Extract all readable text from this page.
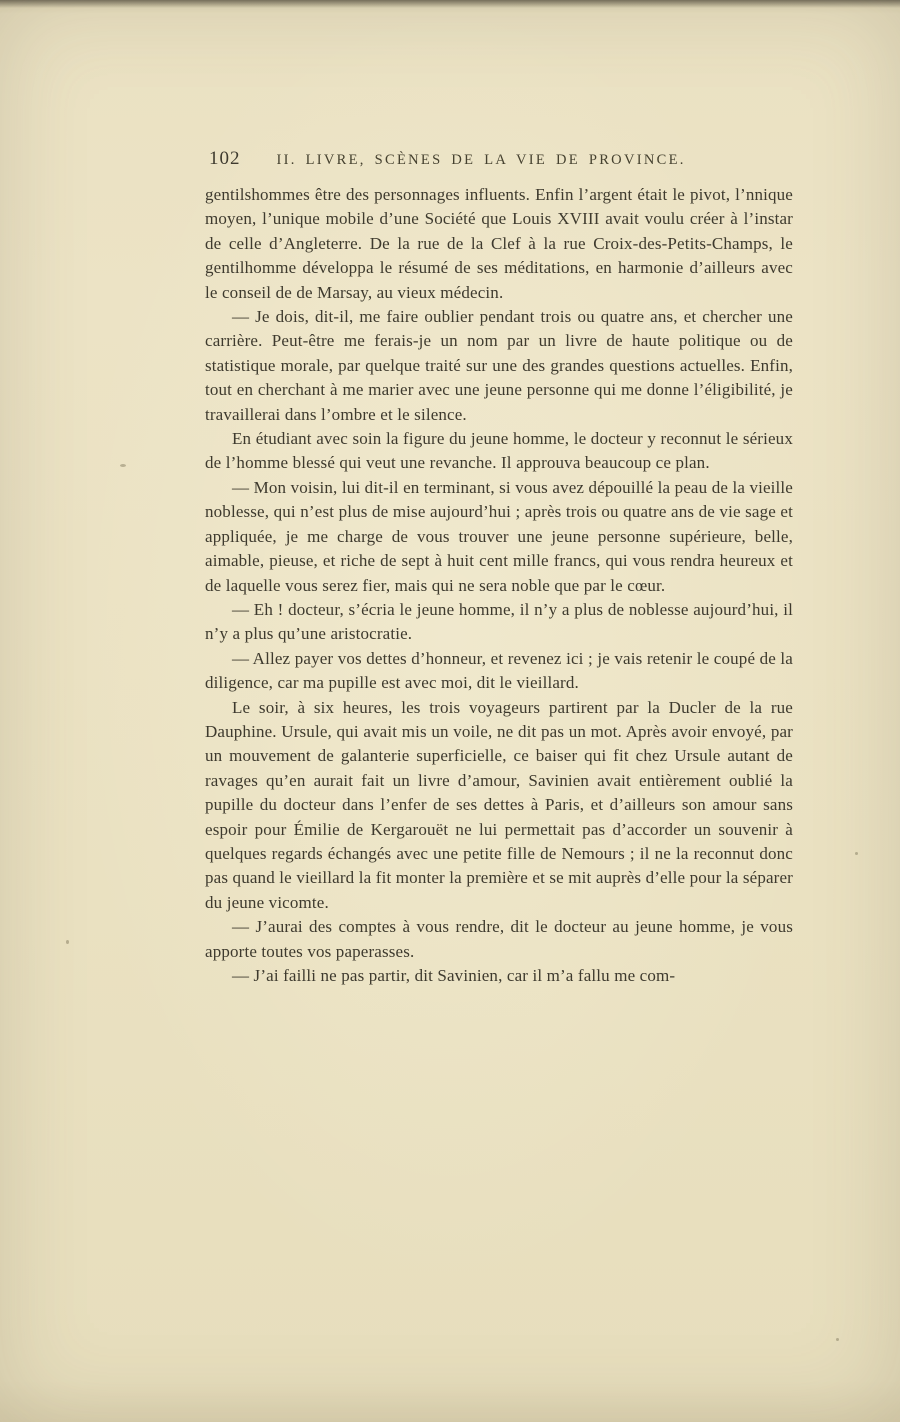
102 II. LIVRE, SCÈNES DE LA VIE DE PROVINCE.

gentilshommes être des personnages influents. Enfin l’argent était le pivot, l’nnique moyen, l’unique mobile d’une Société que Louis XVIII avait voulu créer à l’instar de celle d’Angleterre. De la rue de la Clef à la rue Croix-des-Petits-Champs, le gentilhomme développa le résumé de ses méditations, en harmonie d’ailleurs avec le conseil de de Marsay, au vieux médecin.

— Je dois, dit-il, me faire oublier pendant trois ou quatre ans, et chercher une carrière. Peut-être me ferais-je un nom par un livre de haute politique ou de statistique morale, par quelque traité sur une des grandes questions actuelles. Enfin, tout en cherchant à me marier avec une jeune personne qui me donne l’éligibilité, je travaillerai dans l’ombre et le silence.

En étudiant avec soin la figure du jeune homme, le docteur y reconnut le sérieux de l’homme blessé qui veut une revanche. Il approuva beaucoup ce plan.

— Mon voisin, lui dit-il en terminant, si vous avez dépouillé la peau de la vieille noblesse, qui n’est plus de mise aujourd’hui ; après trois ou quatre ans de vie sage et appliquée, je me charge de vous trouver une jeune personne supérieure, belle, aimable, pieuse, et riche de sept à huit cent mille francs, qui vous rendra heureux et de laquelle vous serez fier, mais qui ne sera noble que par le cœur.

— Eh ! docteur, s’écria le jeune homme, il n’y a plus de noblesse aujourd’hui, il n’y a plus qu’une aristocratie.

— Allez payer vos dettes d’honneur, et revenez ici ; je vais retenir le coupé de la diligence, car ma pupille est avec moi, dit le vieillard.

Le soir, à six heures, les trois voyageurs partirent par la Ducler de la rue Dauphine. Ursule, qui avait mis un voile, ne dit pas un mot. Après avoir envoyé, par un mouvement de galanterie superficielle, ce baiser qui fit chez Ursule autant de ravages qu’en aurait fait un livre d’amour, Savinien avait entièrement oublié la pupille du docteur dans l’enfer de ses dettes à Paris, et d’ailleurs son amour sans espoir pour Émilie de Kergarouët ne lui permettait pas d’accorder un souvenir à quelques regards échangés avec une petite fille de Nemours ; il ne la reconnut donc pas quand le vieillard la fit monter la première et se mit auprès d’elle pour la séparer du jeune vicomte.

— J’aurai des comptes à vous rendre, dit le docteur au jeune homme, je vous apporte toutes vos paperasses.

— J’ai failli ne pas partir, dit Savinien, car il m’a fallu me com-
